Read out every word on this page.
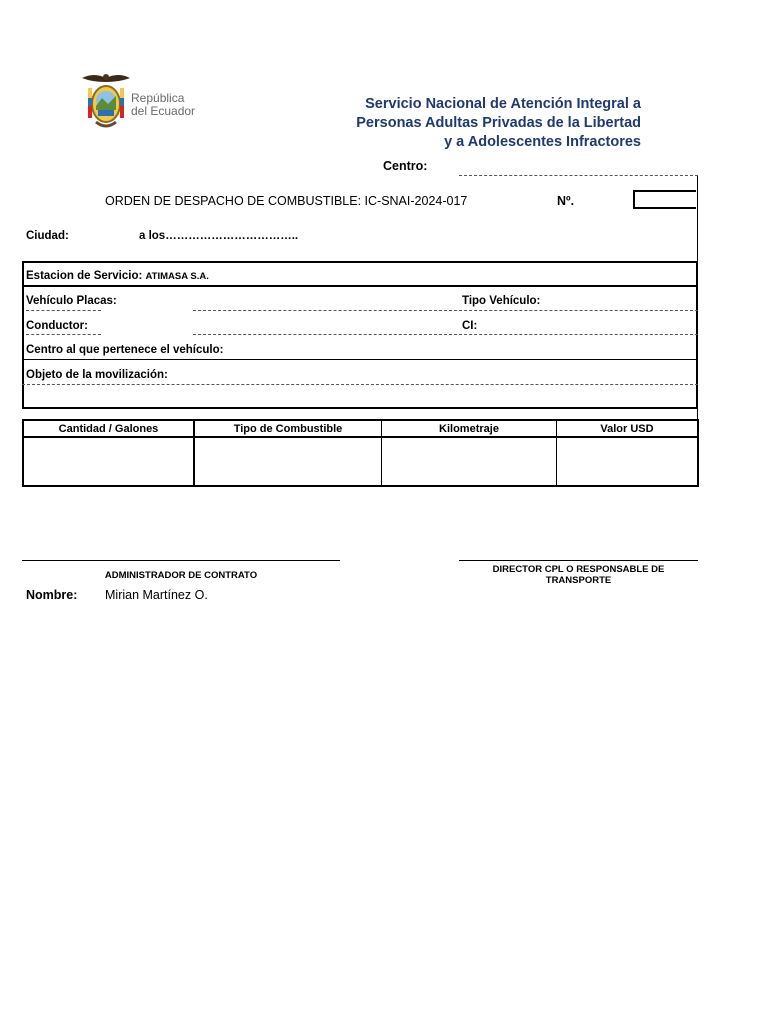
República
del Ecuador	Servicio Nacional de Atención Integral a
Personas Adultas Privadas de la Libertad
y a Adolescentes Infractores
Centro:
ORDEN DE DESPACHO DE COMBUSTIBLE: IC-SNAI-2024-017	Nº.
Ciudad:	a los……………………………..
Estacion de Servicio: ATIMASA S.A.
Vehículo Placas:	Tipo Vehículo:
Conductor:	CI:
Centro al que pertenece el vehículo:
Objeto de la movilización:
Cantidad / Galones	Tipo de Combustible	Kilometraje	Valor USD

ADMINISTRADOR DE CONTRATO
DIRECTOR CPL O RESPONSABLE DE
TRANSPORTE
Nombre: Mirian Martínez O.
